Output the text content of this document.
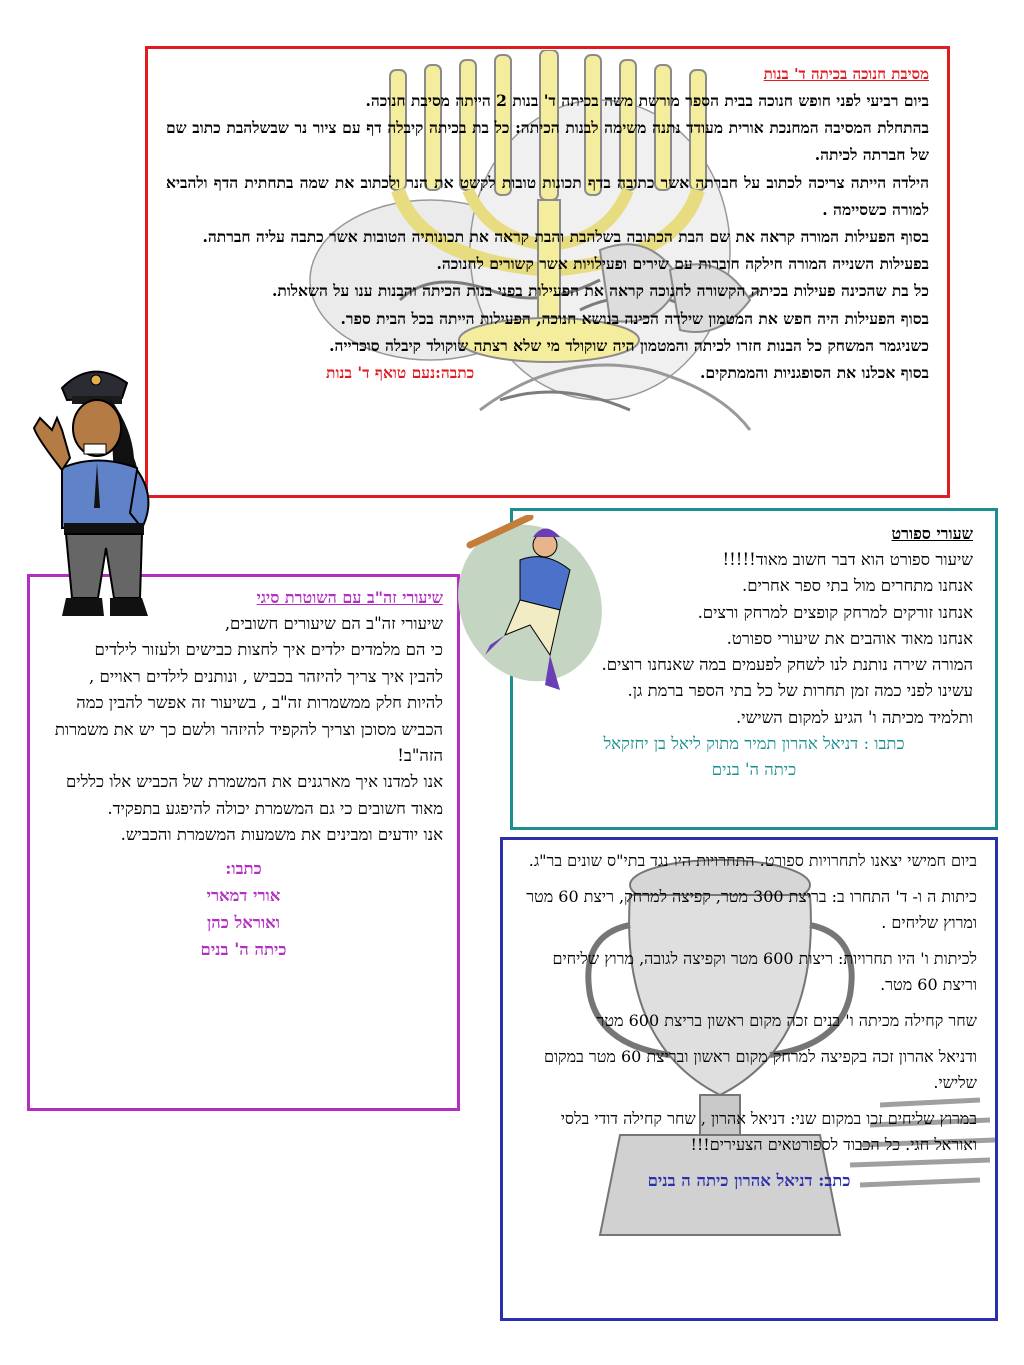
מסיבת חנוכה בכיתה ד' בנות

ביום רביעי לפני חופש חנוכה בבית הספר מורשת משה בכיתה ד' בנות 2 הייתה מסיבת חנוכה.

בהתחלת המסיבה המחנכת אורית מעודד נתנה משימה לבנות הכיתה: כל בת בכיתה קיבלה דף עם ציור נר שבשלהבת כתוב שם של חברתה לכיתה.

הילדה הייתה צריכה לכתוב על חברתה אשר כתובה בדף תכונות טובות לקשט את הנר ולכתוב את שמה בתחתית הדף ולהביא למורה כשסיימה .

בסוף הפעילות המורה קראה את שם הבת הכתובה בשלהבת והבת קראה את תכונותיה הטובות אשר כתבה עליה חברתה.

בפעילות השנייה המורה חילקה חוברות עם שירים ופעילויות אשר קשורים לחנוכה.

כל בת שהכינה פעילות בכיתה הקשורה לחנוכה קראה את הפעילות בפני בנות הכיתה והבנות ענו על השאלות.

בסוף הפעילות היה חפש את המטמון שילדה הכינה בנושא חנוכה, הפעילות הייתה בכל הבית ספר.

כשניגמר המשחק כל הבנות חזרו לכיתה והמטמון היה שוקולד מי שלא רצתה שוקולד קיבלה סוכרייה.

בסוף אכלנו את הסופגניות והממתקים.
כתבה:נעם טואף ד' בנות

שעורי ספורט

שיעור ספורט הוא דבר חשוב מאוד!!!!!

אנחנו מתחרים מול בתי ספר אחרים.

אנחנו זורקים למרחק קופצים למרחק ורצים.

אנחנו מאוד אוהבים את שיעורי ספורט.

המורה שירה נותנת לנו לשחק לפעמים במה שאנחנו רוצים. עשינו לפני כמה זמן תחרות של כל בתי הספר ברמת גן. ותלמיד מכיתה ו' הגיע למקום השישי.

כתבו : דניאל אהרון תמיר מתוק ליאל בן יחזקאל

כיתה ה' בנים

שיעורי זה"ב עם השוטרת סיגי

שיעורי זה"ב הם שיעורים חשובים,

כי הם מלמדים ילדים איך לחצות כבישים ולעזור לילדים

להבין איך צריך להיזהר בכביש , ונותנים לילדים ראויים ,

להיות חלק ממשמרות זה"ב , בשיעור זה אפשר להבין כמה

הכביש מסוכן וצריך להקפיד להיזהר ולשם כך יש את משמרות הזה"ב!

אנו למדנו איך מארגנים את המשמרת של הכביש אלו כללים מאוד חשובים כי גם המשמרת יכולה להיפגע בתפקיד.

אנו יודעים ומבינים את משמעות המשמרת והכביש.

כתבו:

אורי דמארי

ואוראל כהן

כיתה ה' בנים

ביום חמישי יצאנו לתחרויות ספורט. התחרויות היו נגד בתי"ס שונים בר"ג.

כיתות ה ו- ד' התחרו ב: בריצת 300 מטר, קפיצה למרחק, ריצת 60 מטר ומרוץ שליחים .

לכיתות ו' היו תחרויות: ריצות 600 מטר וקפיצה לגובה, מרוץ שליחים וריצת 60 מטר.

שחר קחילה מכיתה ו' בנים זכה מקום ראשון בריצת 600 מטר

ודניאל אהרון זכה בקפיצה למרחק מקום ראשון ובריצת 60 מטר במקום שלישי.

במרוץ שליחים זכו במקום שני: דניאל אהרון , שחר קחילה דודי בלסי ואוראל חגי. כל הכבוד לספורטאים הצעירים!!!

כתב: דניאל אהרון כיתה ה בנים
